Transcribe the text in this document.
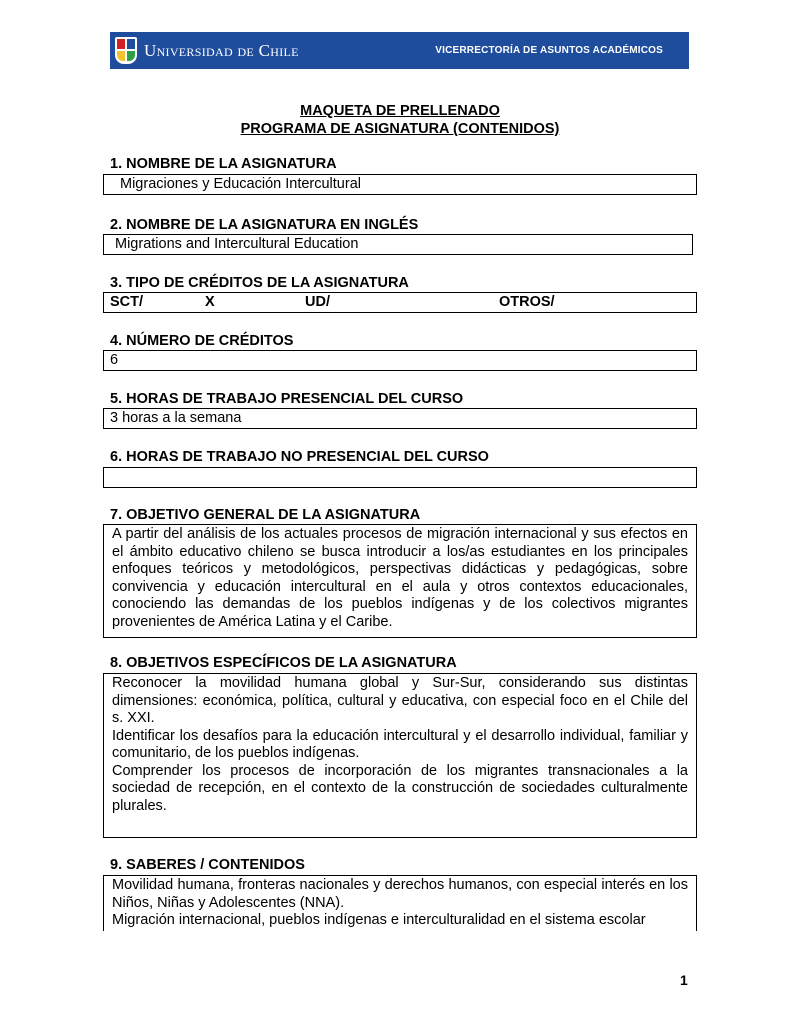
Universidad de Chile	VICERRECTORÍA DE ASUNTOS ACADÉMICOS
MAQUETA DE PRELLENADO
PROGRAMA DE ASIGNATURA (CONTENIDOS)
1. NOMBRE DE LA ASIGNATURA
Migraciones y Educación Intercultural
2. NOMBRE DE LA ASIGNATURA EN INGLÉS
Migrations and Intercultural Education
3. TIPO DE CRÉDITOS DE LA ASIGNATURA
SCT/	X	UD/	OTROS/
4. NÚMERO DE CRÉDITOS
6
5. HORAS DE TRABAJO PRESENCIAL DEL CURSO
3 horas a la semana
6. HORAS DE TRABAJO NO PRESENCIAL DEL CURSO
7. OBJETIVO GENERAL DE LA ASIGNATURA

A partir del análisis de los actuales procesos de migración internacional y sus efectos en el ámbito educativo chileno se busca introducir a los/as estudiantes en los principales enfoques teóricos y metodológicos, perspectivas didácticas y pedagógicas, sobre convivencia y educación intercultural en el aula y otros contextos educacionales, conociendo las demandas de los pueblos indígenas y de los colectivos migrantes provenientes de América Latina y el Caribe.

8. OBJETIVOS ESPECÍFICOS DE LA ASIGNATURA

Reconocer la movilidad humana global y Sur-Sur, considerando sus distintas dimensiones: económica, política, cultural y educativa, con especial foco en el Chile del s. XXI.

Identificar los desafíos para la educación intercultural y el desarrollo individual, familiar y comunitario, de los pueblos indígenas.

Comprender los procesos de incorporación de los migrantes transnacionales a la sociedad de recepción, en el contexto de la construcción de sociedades culturalmente plurales.

9. SABERES / CONTENIDOS

Movilidad humana, fronteras nacionales y derechos humanos, con especial interés en los Niños, Niñas y Adolescentes (NNA).

Migración internacional, pueblos indígenas e interculturalidad en el sistema escolar

1
